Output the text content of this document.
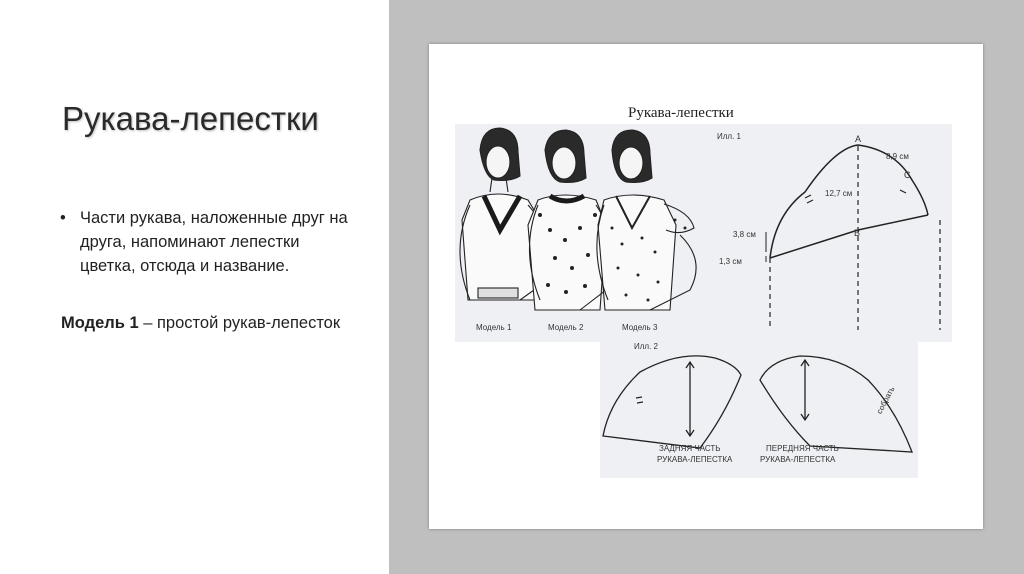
Рукава-лепестки
• Части рукава, наложенные друг на друга, напоминают лепестки цветка, отсюда и название.
Модель 1 – простой рукав-лепесток
Рукава-лепестки
Модель 1	Модель 2	Модель 3
Илл. 1	A
B
C
8,9 см
12,7 см
3,8 см
1,3 см
Илл. 2
собрать
ЗАДНЯЯ ЧАСТЬ
РУКАВА-ЛЕПЕСТКА
ПЕРЕДНЯЯ ЧАСТЬ
РУКАВА-ЛЕПЕСТКА
